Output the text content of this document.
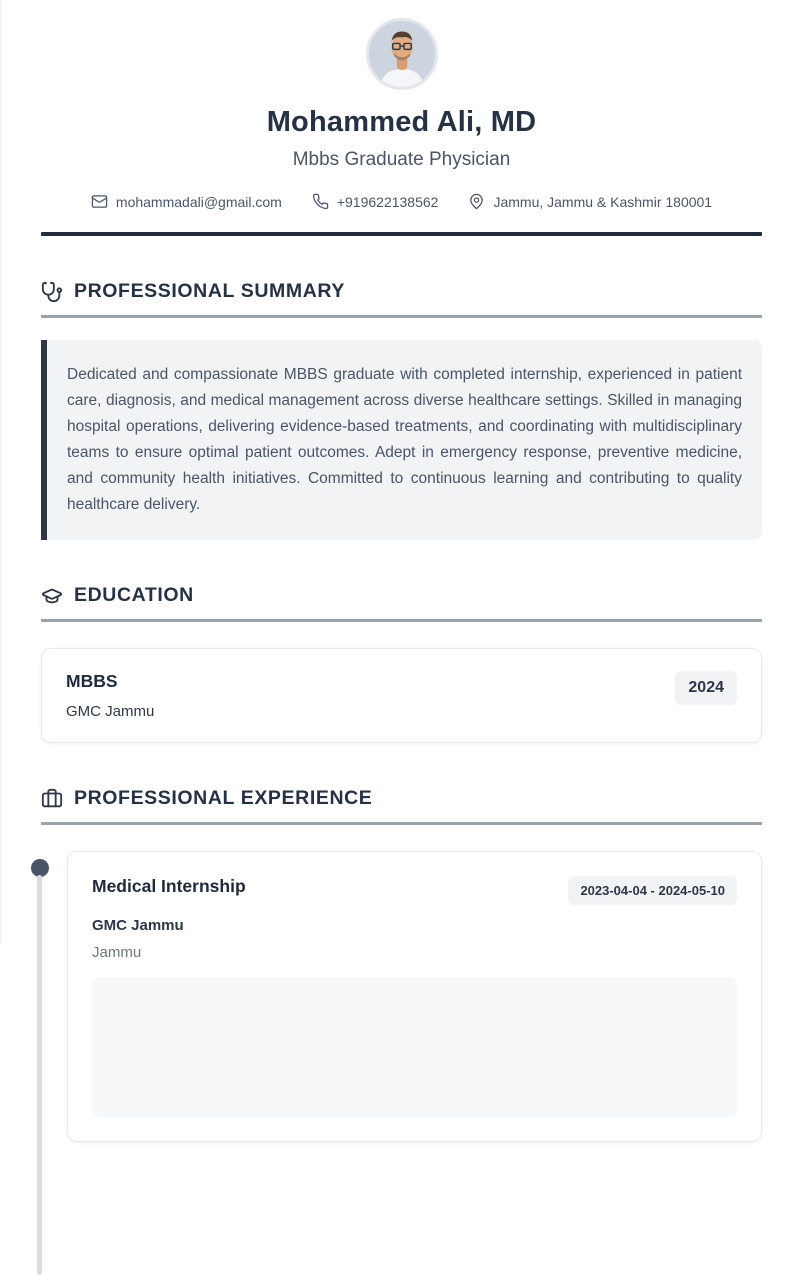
Mohammed Ali, MD
Mbbs Graduate Physician
mohammadali@gmail.com	+919622138562	Jammu, Jammu & Kashmir 180001
PROFESSIONAL SUMMARY

Dedicated and compassionate MBBS graduate with completed internship, experienced in patient care, diagnosis, and medical management across diverse healthcare settings. Skilled in managing hospital operations, delivering evidence-based treatments, and coordinating with multidisciplinary teams to ensure optimal patient outcomes. Adept in emergency response, preventive medicine, and community health initiatives. Committed to continuous learning and contributing to quality healthcare delivery.

EDUCATION
MBBS
GMC Jammu
2024
PROFESSIONAL EXPERIENCE
Medical Internship	2023-04-04 - 2024-05-10
GMC Jammu
Jammu
